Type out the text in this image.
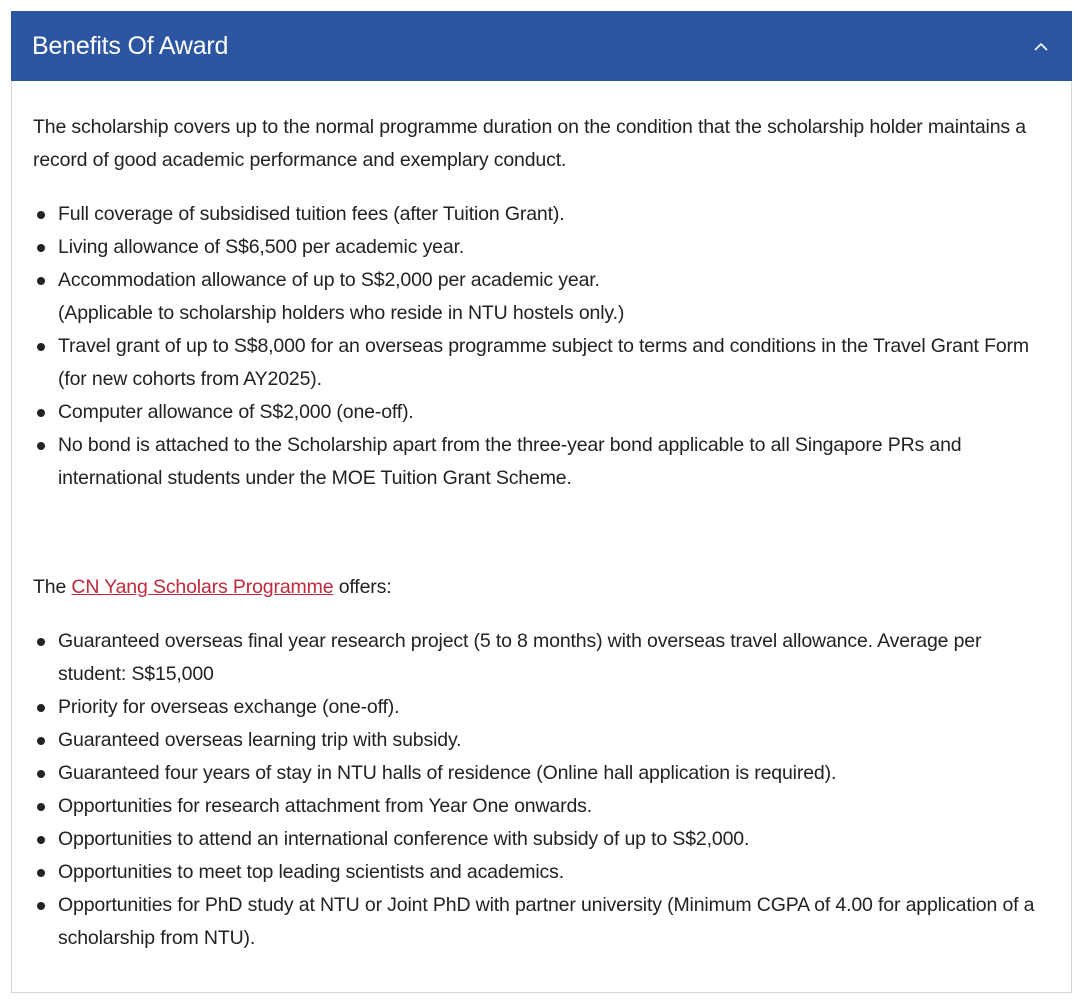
Benefits Of Award

The scholarship covers up to the normal programme duration on the condition that the scholarship holder maintains a record of good academic performance and exemplary conduct.

Full coverage of subsidised tuition fees (after Tuition Grant).
Living allowance of S$6,500 per academic year.
Accommodation allowance of up to S$2,000 per academic year.
(Applicable to scholarship holders who reside in NTU hostels only.)
Travel grant of up to S$8,000 for an overseas programme subject to terms and conditions in the Travel Grant Form (for new cohorts from AY2025).
Computer allowance of S$2,000 (one-off).
No bond is attached to the Scholarship apart from the three-year bond applicable to all Singapore PRs and international students under the MOE Tuition Grant Scheme.

The CN Yang Scholars Programme offers:

Guaranteed overseas final year research project (5 to 8 months) with overseas travel allowance. Average per student: S$15,000
Priority for overseas exchange (one-off).
Guaranteed overseas learning trip with subsidy.
Guaranteed four years of stay in NTU halls of residence (Online hall application is required).
Opportunities for research attachment from Year One onwards.
Opportunities to attend an international conference with subsidy of up to S$2,000.
Opportunities to meet top leading scientists and academics.
Opportunities for PhD study at NTU or Joint PhD with partner university (Minimum CGPA of 4.00 for application of a scholarship from NTU).
